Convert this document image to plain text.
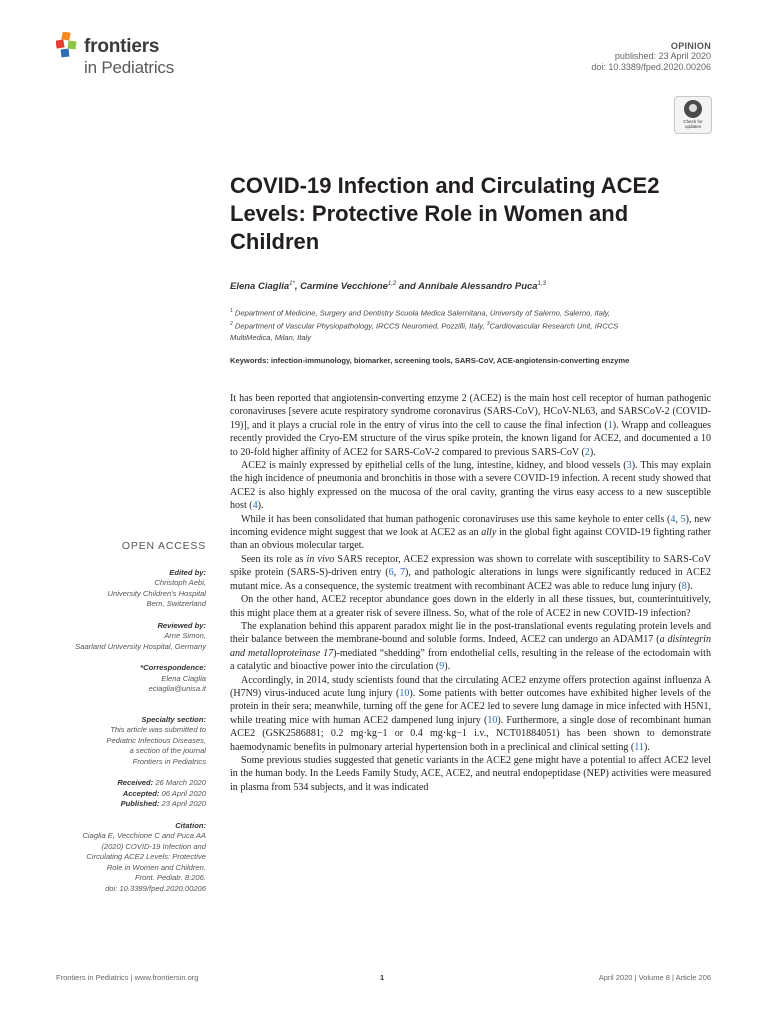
frontiers
in Pediatrics
OPINION
published: 23 April 2020
doi: 10.3389/fped.2020.00206
Check for updates
COVID-19 Infection and Circulating ACE2 Levels: Protective Role in Women and Children
Elena Ciaglia$^{1*}$, Carmine Vecchione$^{1,2}$ and Annibale Alessandro Puca$^{1,3}$
$^1$ Department of Medicine, Surgery and Dentistry Scuola Medica Salernitana, University of Salerno, Salerno, Italy,
$^2$ Department of Vascular Physiopathology, IRCCS Neuromed, Pozzilli, Italy, $^3$Cardiovascular Research Unit, IRCCS
MultiMedica, Milan, Italy
Keywords: infection-immunology, biomarker, screening tools, SARS-CoV, ACE-angiotensin-converting enzyme
OPEN ACCESS
Edited by:
Christoph Aebi,
University Children's Hospital
Bern, Switzerland
Reviewed by:
Arne Simon,
Saarland University Hospital, Germany
*Correspondence:
Elena Ciaglia
eciaglia@unisa.it
Specialty section:
This article was submitted to
Pediatric Infectious Diseases,
a section of the journal
Frontiers in Pediatrics
Received: 26 March 2020
Accepted: 06 April 2020
Published: 23 April 2020
Citation:
Ciaglia E, Vecchione C and Puca AA
(2020) COVID-19 Infection and
Circulating ACE2 Levels: Protective
Role in Women and Children.
Front. Pediatr. 8:206.
doi: 10.3389/fped.2020.00206

It has been reported that angiotensin-converting enzyme 2 (ACE2) is the main host cell receptor of human pathogenic coronaviruses [severe acute respiratory syndrome coronavirus (SARS-CoV), HCoV-NL63, and SARSCoV-2 (COVID-19)], and it plays a crucial role in the entry of virus into the cell to cause the final infection (1). Wrapp and colleagues recently provided the Cryo-EM structure of the virus spike protein, the known ligand for ACE2, and documented a 10 to 20-fold higher affinity of ACE2 for SARS-CoV-2 compared to previous SARS-CoV (2).

ACE2 is mainly expressed by epithelial cells of the lung, intestine, kidney, and blood vessels (3). This may explain the high incidence of pneumonia and bronchitis in those with a severe COVID-19 infection. A recent study showed that ACE2 is also highly expressed on the mucosa of the oral cavity, granting the virus easy access to a new susceptible host (4).

While it has been consolidated that human pathogenic coronaviruses use this same keyhole to enter cells (4, 5), new incoming evidence might suggest that we look at ACE2 as an ally in the global fight against COVID-19 fighting rather than an obvious molecular target.

Seen its role as in vivo SARS receptor, ACE2 expression was shown to correlate with susceptibility to SARS-CoV spike protein (SARS-S)-driven entry (6, 7), and pathologic alterations in lungs were significantly reduced in ACE2 mutant mice. As a consequence, the systemic treatment with recombinant ACE2 was able to reduce lung injury (8).

On the other hand, ACE2 receptor abundance goes down in the elderly in all these tissues, but, counterintuitively, this might place them at a greater risk of severe illness. So, what of the role of ACE2 in new COVID-19 infection?

The explanation behind this apparent paradox might lie in the post-translational events regulating protein levels and their balance between the membrane-bound and soluble forms. Indeed, ACE2 can undergo an ADAM17 (a disintegrin and metalloproteinase 17)-mediated “shedding” from endothelial cells, resulting in the release of the ectodomain with a catalytic and bioactive power into the circulation (9).

Accordingly, in 2014, study scientists found that the circulating ACE2 enzyme offers protection against influenza A (H7N9) virus-induced acute lung injury (10). Some patients with better outcomes have exhibited higher levels of the protein in their sera; meanwhile, turning off the gene for ACE2 led to severe lung damage in mice infected with H5N1, while treating mice with human ACE2 dampened lung injury (10). Furthermore, a single dose of recombinant human ACE2 (GSK2586881; 0.2 mg·kg−1 or 0.4 mg·kg−1 i.v., NCT01884051) has been shown to demonstrate haemodynamic benefits in pulmonary arterial hypertension both in a preclinical and clinical setting (11).

Some previous studies suggested that genetic variants in the ACE2 gene might have a potential to affect ACE2 level in the human body. In the Leeds Family Study, ACE, ACE2, and neutral endopeptidase (NEP) activities were measured in plasma from 534 subjects, and it was indicated

Frontiers in Pediatrics | www.frontiersin.org	1	April 2020 | Volume 8 | Article 206
